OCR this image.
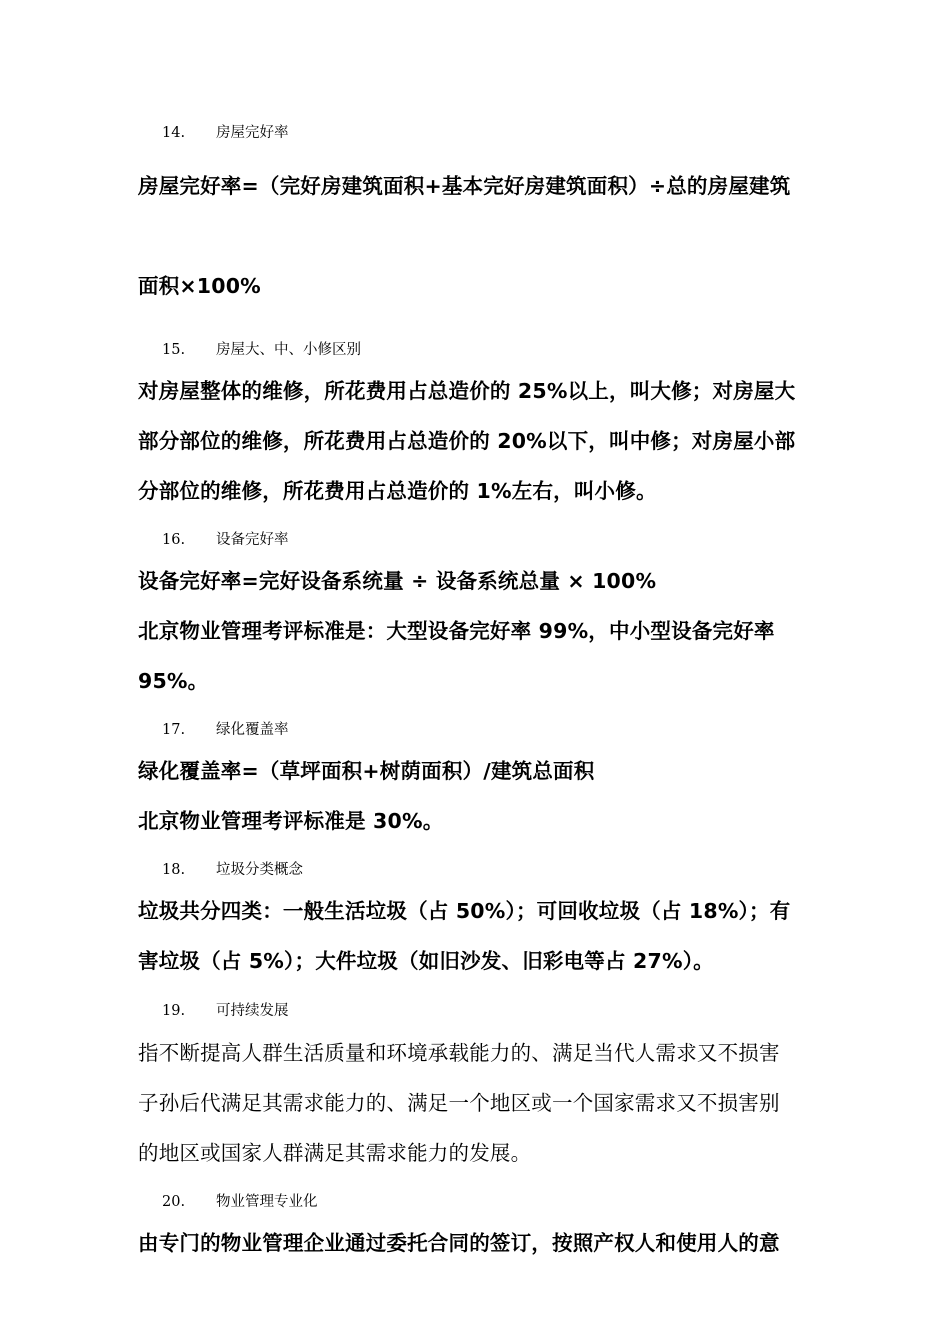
14. 房屋完好率
房屋完好率=（完好房建筑面积+基本完好房建筑面积）÷总的房屋建筑
面积×100%
15. 房屋大、中、小修区别
对房屋整体的维修，所花费用占总造价的 25%以上，叫大修；对房屋大
部分部位的维修，所花费用占总造价的 20%以下，叫中修；对房屋小部
分部位的维修，所花费用占总造价的 1%左右，叫小修。
16. 设备完好率
设备完好率=完好设备系统量 ÷ 设备系统总量 × 100%
北京物业管理考评标准是：大型设备完好率 99%，中小型设备完好率
95%。
17. 绿化覆盖率
绿化覆盖率=（草坪面积+树荫面积）/建筑总面积
北京物业管理考评标准是 30%。
18. 垃圾分类概念
垃圾共分四类：一般生活垃圾（占 50%）；可回收垃圾（占 18%）；有
害垃圾（占 5%）；大件垃圾（如旧沙发、旧彩电等占 27%）。
19. 可持续发展
指不断提高人群生活质量和环境承载能力的、满足当代人需求又不损害
子孙后代满足其需求能力的、满足一个地区或一个国家需求又不损害别
的地区或国家人群满足其需求能力的发展。
20. 物业管理专业化
由专门的物业管理企业通过委托合同的签订，按照产权人和使用人的意
